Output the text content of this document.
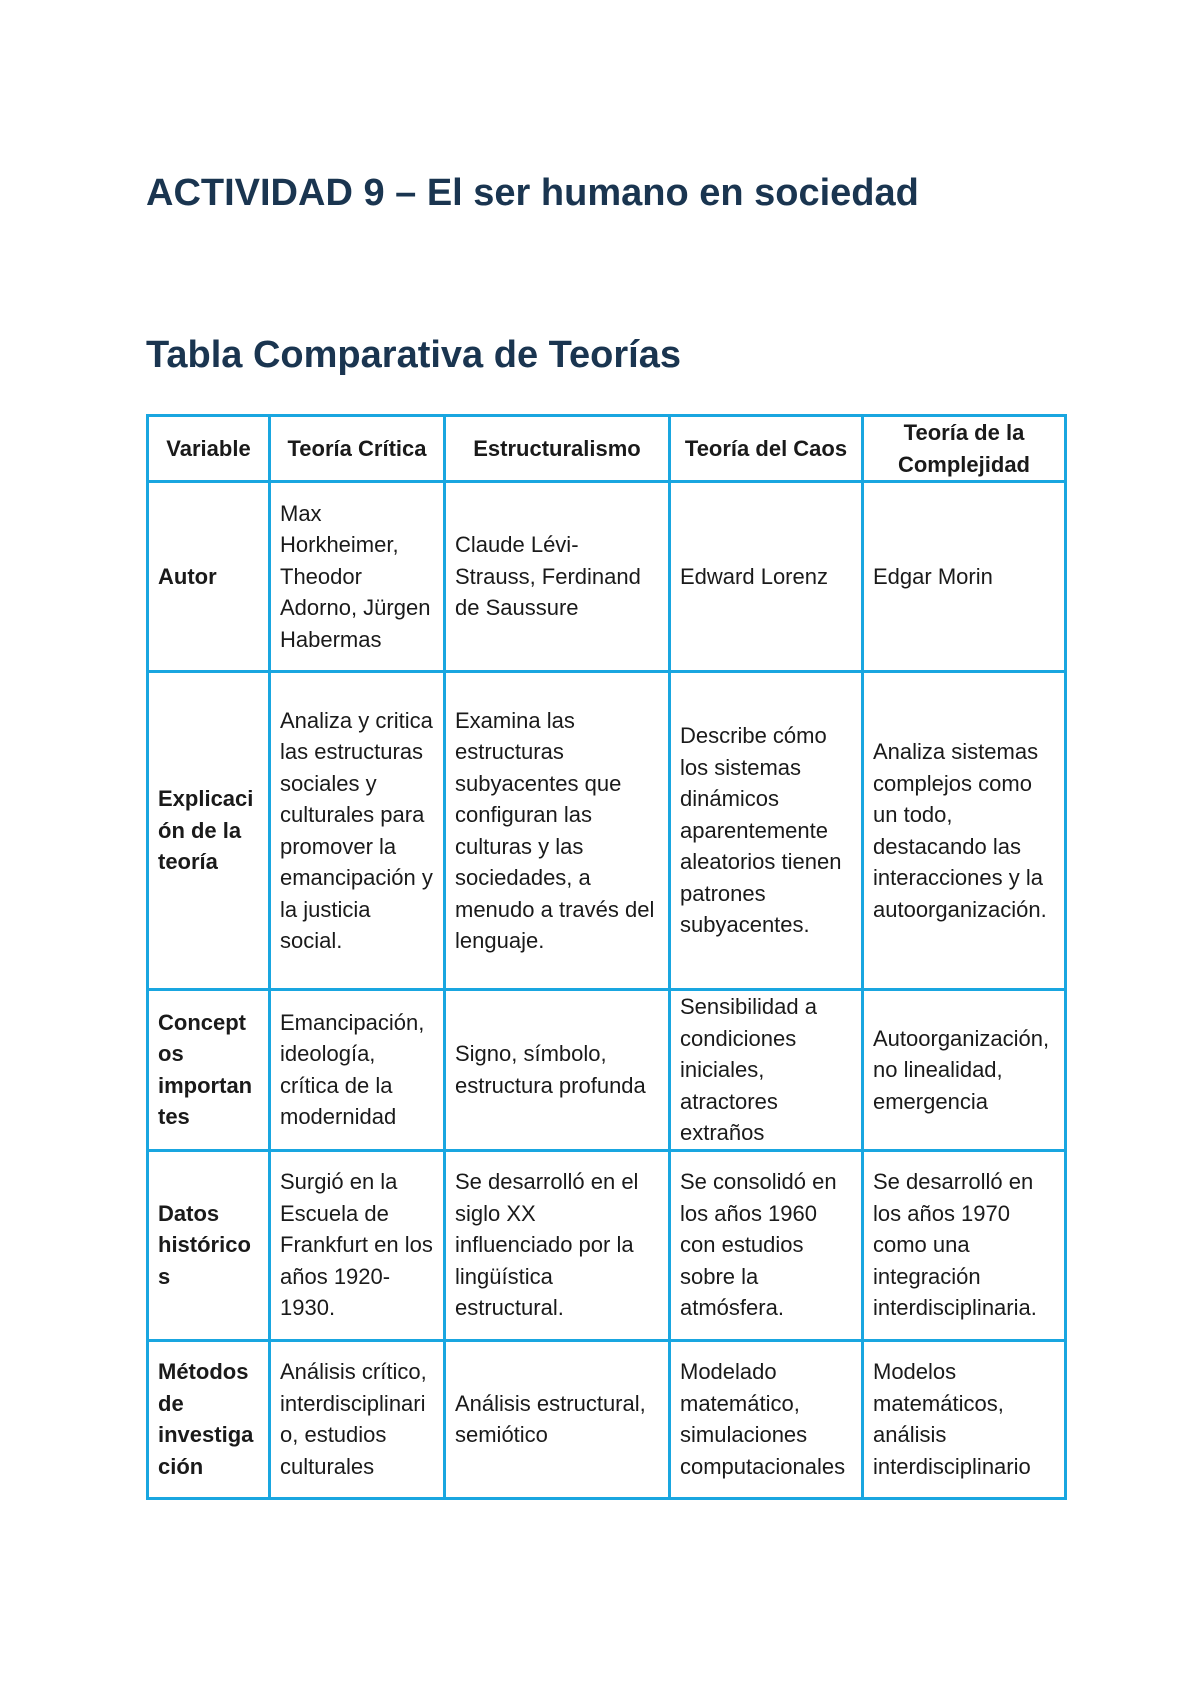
ACTIVIDAD 9 – El ser humano en sociedad
Tabla Comparativa de Teorías
Variable	Teoría Crítica	Estructuralismo	Teoría del Caos	Teoría de la Complejidad
Autor	Max Horkheimer, Theodor Adorno, Jürgen Habermas	Claude Lévi-Strauss, Ferdinand de Saussure	Edward Lorenz	Edgar Morin
Explicación de la teoría	Analiza y critica las estructuras sociales y culturales para promover la emancipación y la justicia social.	Examina las estructuras subyacentes que configuran las culturas y las sociedades, a menudo a través del lenguaje.	Describe cómo los sistemas dinámicos aparentemente aleatorios tienen patrones subyacentes.	Analiza sistemas complejos como un todo, destacando las interacciones y la autoorganización.
Conceptos importantes	Emancipación, ideología, crítica de la modernidad	Signo, símbolo, estructura profunda	Sensibilidad a condiciones iniciales, atractores extraños	Autoorganización, no linealidad, emergencia
Datos históricos	Surgió en la Escuela de Frankfurt en los años 1920-1930.	Se desarrolló en el siglo XX influenciado por la lingüística estructural.	Se consolidó en los años 1960 con estudios sobre la atmósfera.	Se desarrolló en los años 1970 como una integración interdisciplinaria.
Métodos de investigación	Análisis crítico, interdisciplinario, estudios culturales	Análisis estructural, semiótico	Modelado matemático, simulaciones computacionales	Modelos matemáticos, análisis interdisciplinario
